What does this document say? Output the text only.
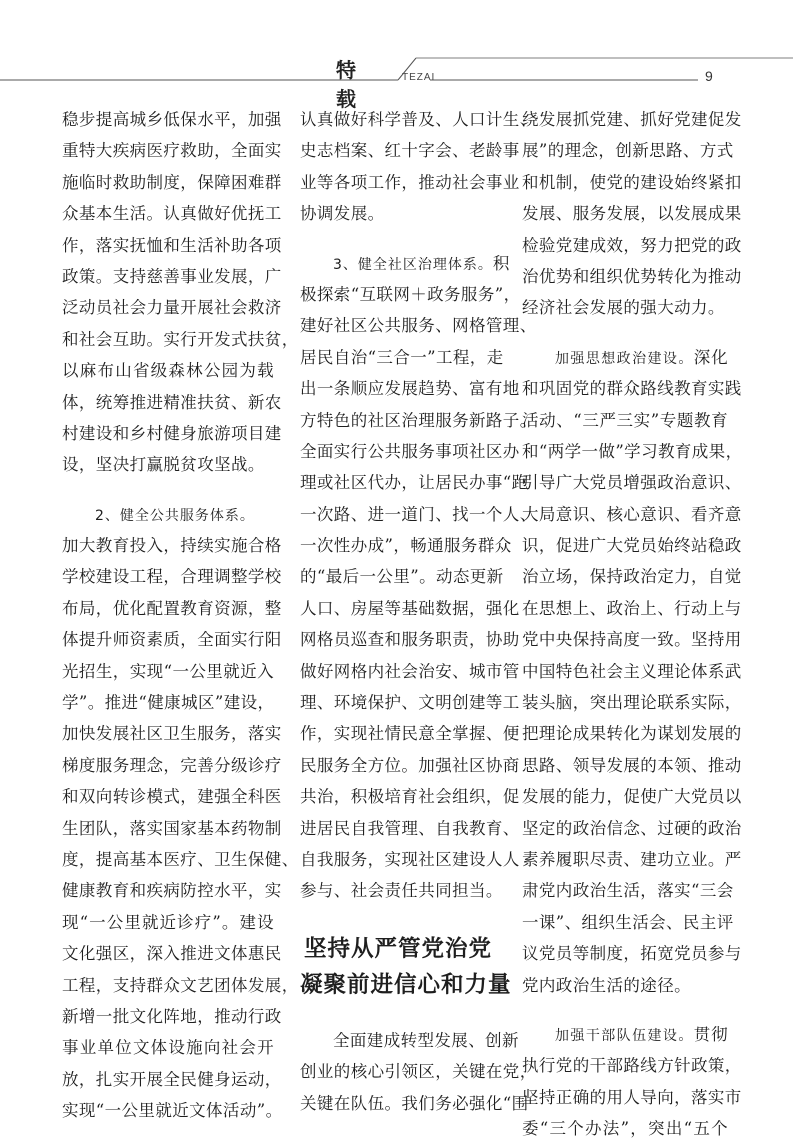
特 载
TEZAI	9
稳步提高城乡低保水平，加强
重特大疾病医疗救助，全面实
施临时救助制度，保障困难群
众基本生活。认真做好优抚工
作，落实抚恤和生活补助各项
政策。支持慈善事业发展，广
泛动员社会力量开展社会救济
和社会互助。实行开发式扶贫，
以麻布山省级森林公园为载
体，统筹推进精准扶贫、新农
村建设和乡村健身旅游项目建
设，坚决打赢脱贫攻坚战。
2、健全公共服务体系。
加大教育投入，持续实施合格
学校建设工程，合理调整学校
布局，优化配置教育资源，整
体提升师资素质，全面实行阳
光招生，实现“一公里就近入
学”。推进“健康城区”建设，
加快发展社区卫生服务，落实
梯度服务理念，完善分级诊疗
和双向转诊模式，建强全科医
生团队，落实国家基本药物制
度，提高基本医疗、卫生保健、
健康教育和疾病防控水平，实
现“一公里就近诊疗”。建设
文化强区，深入推进文体惠民
工程，支持群众文艺团体发展，
新增一批文化阵地，推动行政
事业单位文体设施向社会开
放，扎实开展全民健身运动，
实现“一公里就近文体活动”。
认真做好科学普及、人口计生、
史志档案、红十字会、老龄事
业等各项工作，推动社会事业
协调发展。
3、健全社区治理体系。积
极探索“互联网＋政务服务”，
建好社区公共服务、网格管理、
居民自治“三合一”工程，走
出一条顺应发展趋势、富有地
方特色的社区治理服务新路子。
全面实行公共服务事项社区办
理或社区代办，让居民办事“跑
一次路、进一道门、找一个人、
一次性办成”，畅通服务群众
的“最后一公里”。动态更新
人口、房屋等基础数据，强化
网格员巡查和服务职责，协助
做好网格内社会治安、城市管
理、环境保护、文明创建等工
作，实现社情民意全掌握、便
民服务全方位。加强社区协商
共治，积极培育社会组织，促
进居民自我管理、自我教育、
自我服务，实现社区建设人人
参与、社会责任共同担当。
坚持从严管党治党
凝聚前进信心和力量
全面建成转型发展、创新
创业的核心引领区，关键在党，
关键在队伍。我们务必强化“围
绕发展抓党建、抓好党建促发
展”的理念，创新思路、方式
和机制，使党的建设始终紧扣
发展、服务发展，以发展成果
检验党建成效，努力把党的政
治优势和组织优势转化为推动
经济社会发展的强大动力。
加强思想政治建设。深化
和巩固党的群众路线教育实践
活动、“三严三实”专题教育
和“两学一做”学习教育成果，
引导广大党员增强政治意识、
大局意识、核心意识、看齐意
识，促进广大党员始终站稳政
治立场，保持政治定力，自觉
在思想上、政治上、行动上与
党中央保持高度一致。坚持用
中国特色社会主义理论体系武
装头脑，突出理论联系实际，
把理论成果转化为谋划发展的
思路、领导发展的本领、推动
发展的能力，促使广大党员以
坚定的政治信念、过硬的政治
素养履职尽责、建功立业。严
肃党内政治生活，落实“三会
一课”、组织生活会、民主评
议党员等制度，拓宽党员参与
党内政治生活的途径。
加强干部队伍建设。贯彻
执行党的干部路线方针政策，
坚持正确的用人导向，落实市
委“三个办法”，突出“五个
